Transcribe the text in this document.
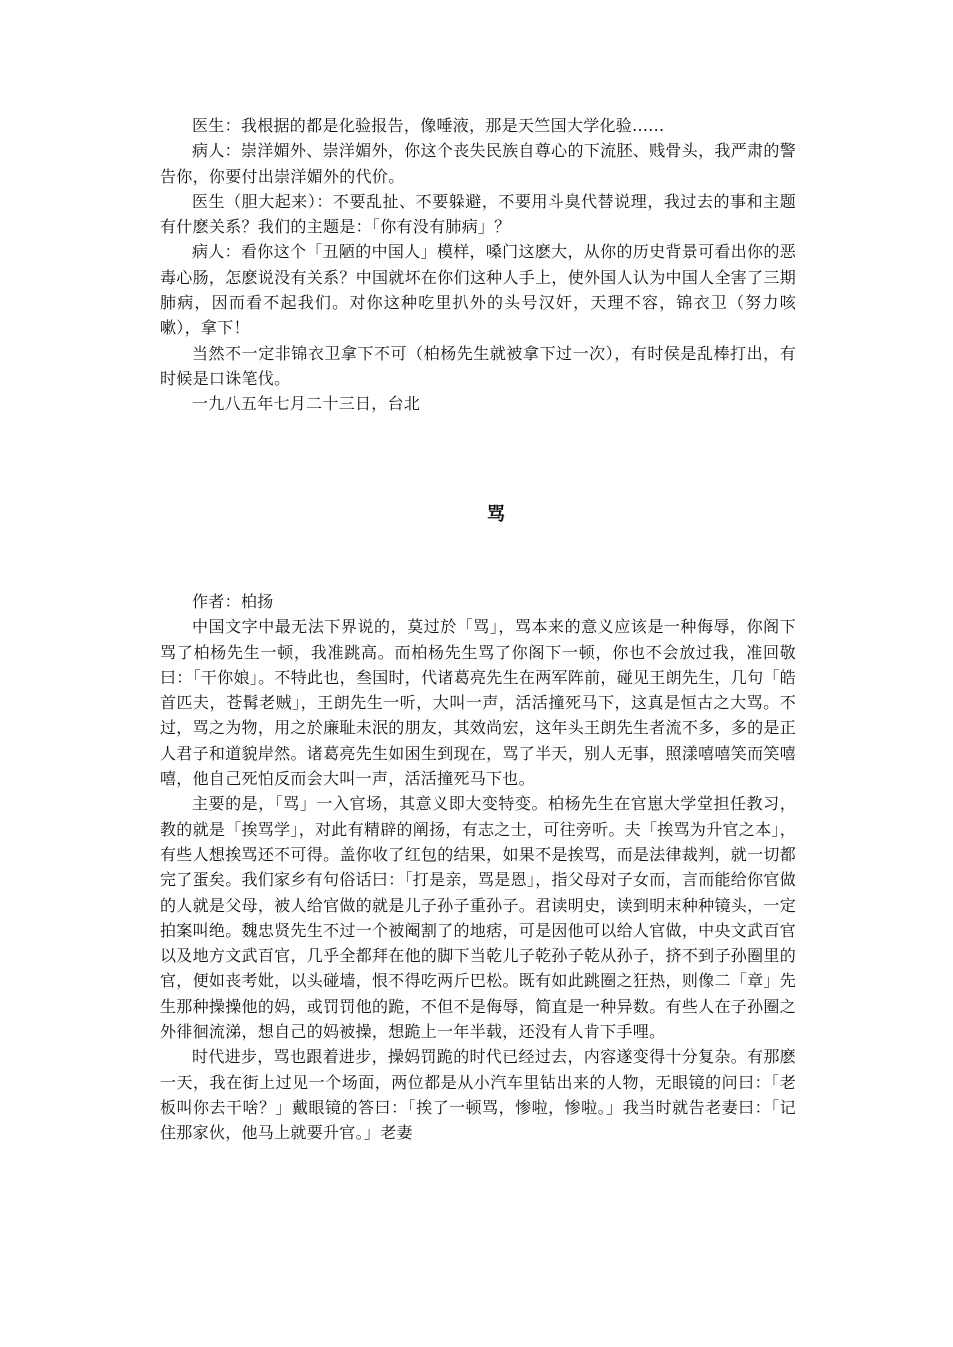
医生：我根据的都是化验报告，像唾液，那是天竺国大学化验......

病人：崇洋媚外、崇洋媚外，你这个丧失民族自尊心的下流胚、贱骨头，我严肃的警告你，你要付出崇洋媚外的代价。

医生（胆大起来）：不要乱扯、不要躲避，不要用斗臭代替说理，我过去的事和主题有什麽关系？我们的主题是：「你有没有肺病」？

病人：看你这个「丑陋的中国人」模样，嗓门这麽大，从你的历史背景可看出你的恶毒心肠，怎麽说没有关系？中国就坏在你们这种人手上，使外国人认为中国人全害了三期肺病，因而看不起我们。对你这种吃里扒外的头号汉奸，天理不容，锦衣卫（努力咳嗽），拿下！

当然不一定非锦衣卫拿下不可（柏杨先生就被拿下过一次），有时侯是乱棒打出，有时候是口诛笔伐。

一九八五年七月二十三日，台北

骂

作者：柏扬

中国文字中最无法下界说的，莫过於「骂」，骂本来的意义应该是一种侮辱，你阁下骂了柏杨先生一顿，我准跳高。而柏杨先生骂了你阁下一顿，你也不会放过我，准回敬曰：「干你娘」。不特此也，叁国时，代诸葛亮先生在两军阵前，碰见王朗先生，几句「皓首匹夫，苍髯老贼」，王朗先生一听，大叫一声，活活撞死马下，这真是恒古之大骂。不过，骂之为物，用之於廉耻未泯的朋友，其效尚宏，这年头王朗先生者流不多，多的是正人君子和道貌岸然。诸葛亮先生如困生到现在，骂了半天，别人无事，照漾嘻嘻笑而笑嘻嘻，他自己死怕反而会大叫一声，活活撞死马下也。

主要的是，「骂」一入官场，其意义即大变特变。柏杨先生在官崽大学堂担任教习，教的就是「挨骂学」，对此有精辟的阐扬，有志之士，可往旁听。夫「挨骂为升官之本」，有些人想挨骂还不可得。盖你收了红包的结果，如果不是挨骂，而是法律裁判，就一切都完了蛋矣。我们家乡有句俗话曰：「打是亲，骂是恩」，指父母对子女而，言而能给你官做的人就是父母，被人给官做的就是儿子孙子重孙子。君读明史，读到明末种种镜头，一定拍案叫绝。魏忠贤先生不过一个被阉割了的地痞，可是因他可以给人官做，中央文武百官以及地方文武百官，几乎全都拜在他的脚下当乾儿子乾孙子乾从孙子，挤不到子孙圈里的官，便如丧考妣，以头碰墙，恨不得吃两斤巴松。既有如此跳圈之狂热，则像二「章」先生那种操操他的妈，或罚罚他的跪，不但不是侮辱，简直是一种异数。有些人在子孙圈之外徘徊流涕，想自己的妈被操，想跪上一年半载，还没有人肯下手哩。

时代进步，骂也跟着进步，操妈罚跪的时代已经过去，内容遂变得十分复杂。有那麽一天，我在街上过见一个场面，两位都是从小汽车里钻出来的人物，无眼镜的问曰：「老板叫你去干啥？」戴眼镜的答曰：「挨了一顿骂，惨啦，惨啦。」我当时就告老妻曰：「记住那家伙，他马上就要升官。」老妻
